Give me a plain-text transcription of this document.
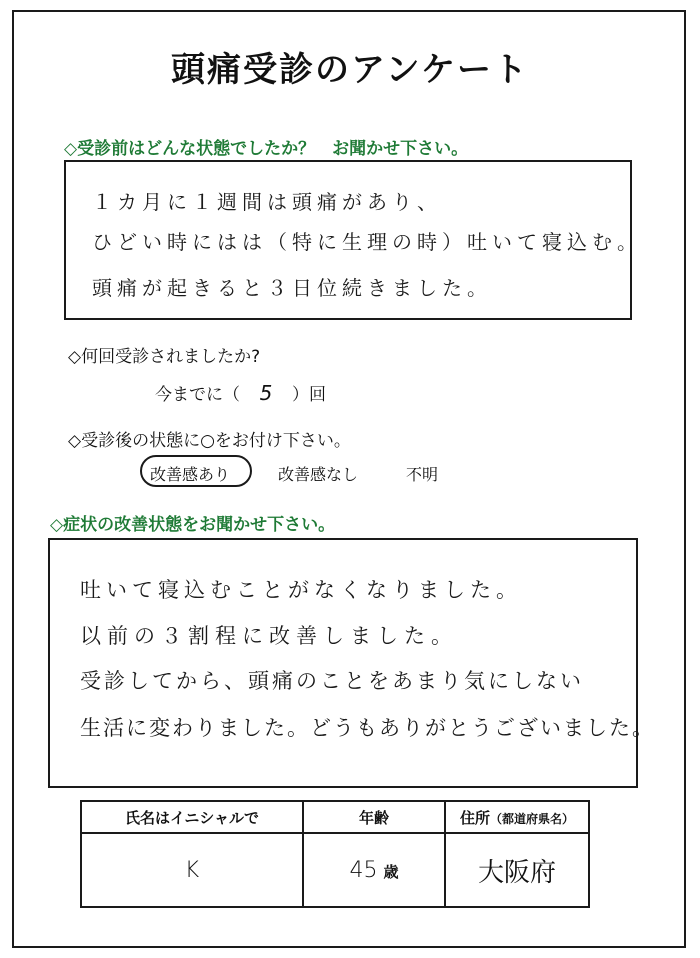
頭痛受診のアンケート
◇受診前はどんな状態でしたか？　お聞かせ下さい。
１カ月に１週間は頭痛があり、
ひどい時にはは（特に生理の時）吐いて寝込む。
頭痛が起きると３日位続きました。
◇何回受診されましたか?
今までに（ 5 ）回
◇受診後の状態に○をお付け下さい。
改善感あり	改善感なし	不明
◇症状の改善状態をお聞かせ下さい。
吐いて寝込むことがなくなりました。
以前の３割程に改善しました。
受診してから、頭痛のことをあまり気にしない
生活に変わりました。どうもありがとうございました。
氏名はイニシャルで	年齢	住所（都道府県名）
K	45 歳	大阪府
